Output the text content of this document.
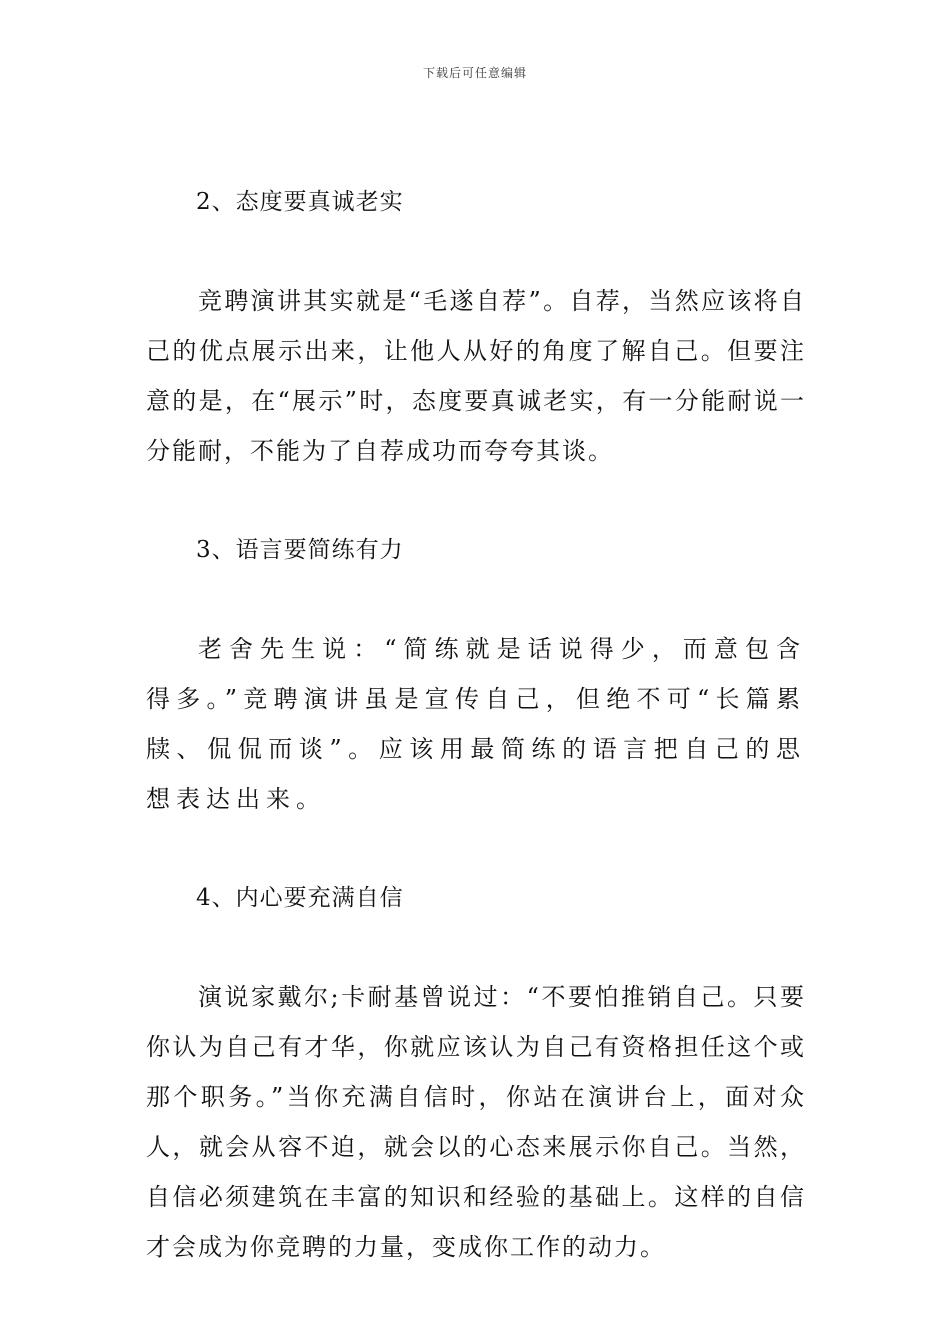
下载后可任意编辑
2、态度要真诚老实

竞聘演讲其实就是“毛遂自荐”。自荐，当然应该将自己的优点展示出来，让他人从好的角度了解自己。但要注意的是，在“展示”时，态度要真诚老实，有一分能耐说一分能耐，不能为了自荐成功而夸夸其谈。

3、语言要简练有力

老舍先生说：“简练就是话说得少，而意包含得多。”竞聘演讲虽是宣传自己，但绝不可“长篇累牍、侃侃而谈”。应该用最简练的语言把自己的思想表达出来。

4、内心要充满自信

演说家戴尔;卡耐基曾说过：“不要怕推销自己。只要你认为自己有才华，你就应该认为自己有资格担任这个或那个职务。”当你充满自信时，你站在演讲台上，面对众人，就会从容不迫，就会以的心态来展示你自己。当然，自信必须建筑在丰富的知识和经验的基础上。这样的自信才会成为你竞聘的力量，变成你工作的动力。
